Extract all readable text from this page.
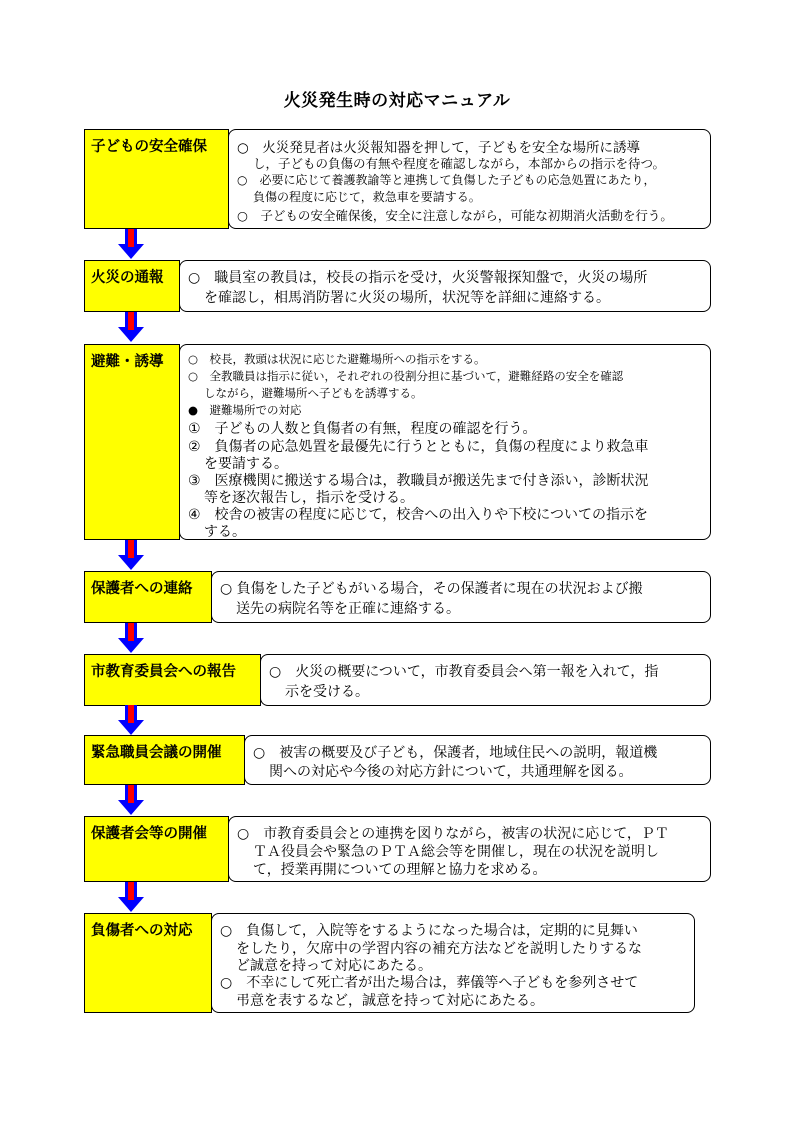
火災発生時の対応マニュアル
○　火災発見者は火災報知器を押して，子どもを安全な場所に誘導
し，子どもの負傷の有無や程度を確認しながら，本部からの指示を待つ。
○　必要に応じて養護教諭等と連携して負傷した子どもの応急処置にあたり，
負傷の程度に応じて，救急車を要請する。
○　子どもの安全確保後，安全に注意しながら，可能な初期消火活動を行う。
子どもの安全確保
○　職員室の教員は，校長の指示を受け，火災警報探知盤で，火災の場所
を確認し，相馬消防署に火災の場所，状況等を詳細に連絡する。
火災の通報
○　校長，教頭は状況に応じた避難場所への指示をする。
○　全教職員は指示に従い，それぞれの役割分担に基づいて，避難経路の安全を確認
しながら，避難場所へ子どもを誘導する。
●　避難場所での対応
①　子どもの人数と負傷者の有無，程度の確認を行う。
②　負傷者の応急処置を最優先に行うとともに，負傷の程度により救急車
を要請する。
③　医療機関に搬送する場合は，教職員が搬送先まで付き添い，診断状況
等を逐次報告し，指示を受ける。
④　校舎の被害の程度に応じて，校舎への出入りや下校についての指示を
する。
避難・誘導
○ 負傷をした子どもがいる場合，その保護者に現在の状況および搬
送先の病院名等を正確に連絡する。
保護者への連絡
○　火災の概要について，市教育委員会へ第一報を入れて，指
示を受ける。
市教育委員会への報告
○　被害の概要及び子ども，保護者，地域住民への説明，報道機
関への対応や今後の対応方針について，共通理解を図る。
緊急職員会議の開催
○　市教育委員会との連携を図りながら，被害の状況に応じて，ＰＴ
ＴＡ役員会や緊急のＰＴＡ総会等を開催し，現在の状況を説明し
て，授業再開についての理解と協力を求める。
保護者会等の開催
○　負傷して，入院等をするようになった場合は，定期的に見舞い
をしたり，欠席中の学習内容の補充方法などを説明したりするな
ど誠意を持って対応にあたる。
○　不幸にして死亡者が出た場合は，葬儀等へ子どもを参列させて
弔意を表するなど，誠意を持って対応にあたる。
負傷者への対応
